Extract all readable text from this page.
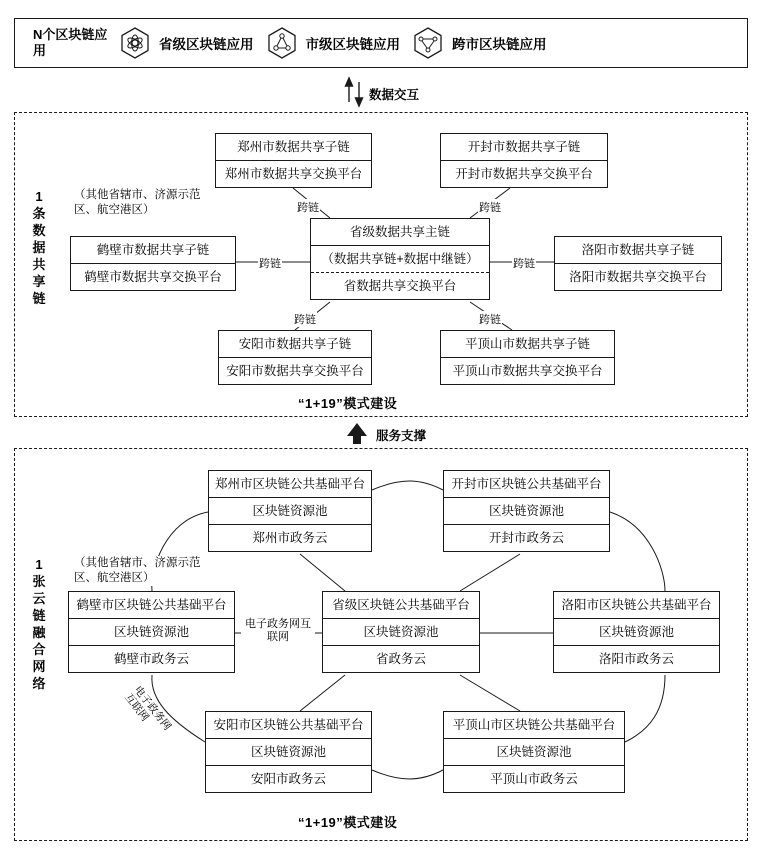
N个区块链应用	省级区块链应用	市级区块链应用	跨市区块链应用
数据交互
1条数据共享链
（其他省辖市、济源示范区、航空港区）
省级数据共享主链
（数据共享链+数据中继链）
省数据共享交换平台
郑州市数据共享子链
郑州市数据共享交换平台
开封市数据共享子链
开封市数据共享交换平台
鹤壁市数据共享子链
鹤壁市数据共享交换平台
洛阳市数据共享子链
洛阳市数据共享交换平台
安阳市数据共享子链
安阳市数据共享交换平台
平顶山市数据共享子链
平顶山市数据共享交换平台
跨链	跨链
跨链	跨链
跨链	跨链
“1+19”模式建设
服务支撑
1张云链融合网络
（其他省辖市、济源示范区、航空港区）
省级区块链公共基础平台
区块链资源池
省政务云
郑州市区块链公共基础平台
区块链资源池
郑州市政务云
开封市区块链公共基础平台
区块链资源池
开封市政务云
鹤壁市区块链公共基础平台
区块链资源池
鹤壁市政务云
洛阳市区块链公共基础平台
区块链资源池
洛阳市政务云
安阳市区块链公共基础平台
区块链资源池
安阳市政务云
平顶山市区块链公共基础平台
区块链资源池
平顶山市政务云
电子政务网互联网
电子政务网互联网
“1+19”模式建设
